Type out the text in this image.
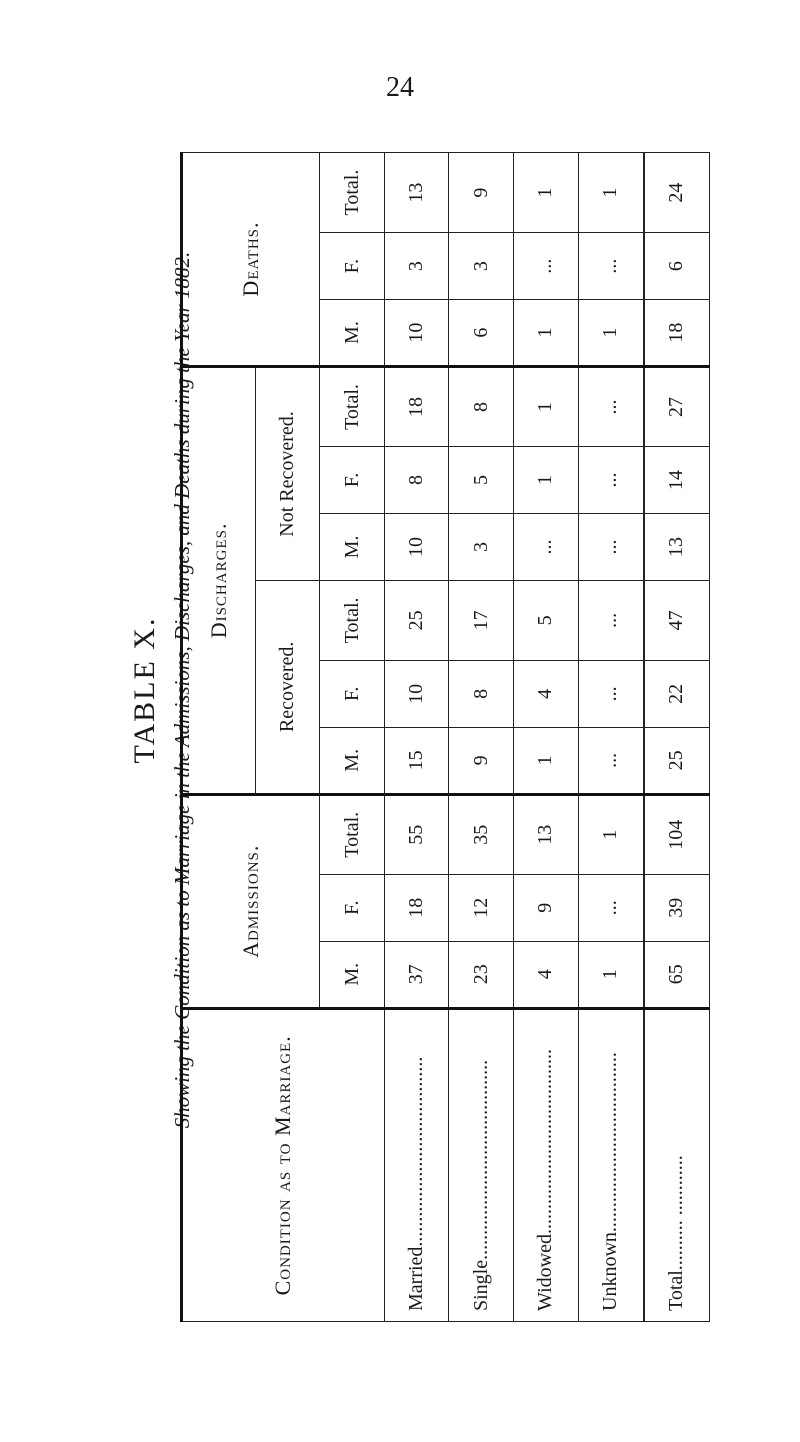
24
TABLE X. Showing the Condition as to Marriage in the Admissions, Discharges, and Deaths during the Year 1882.
Condition as to Marriage.	Admissions.			Discharges.						Deaths.		
				Recovered.			Not Recovered.					
	M.	F.	Total.	M.	F.	Total.	M.	F.	Total.	M.	F.	Total.
Married......................................	37	18	55	15	10	25	10	8	18	10	3	13
Single........................................	23	12	35	9	8	17	3	5	8	6	3	9
Widowed.....................................	4	9	13	1	4	5	...	1	1	1	...	1
Unknown....................................	1	...	1	...	...	...	...	...	...	1	...	1
Total.......... ............	65	39	104	25	22	47	13	14	27	18	6	24
